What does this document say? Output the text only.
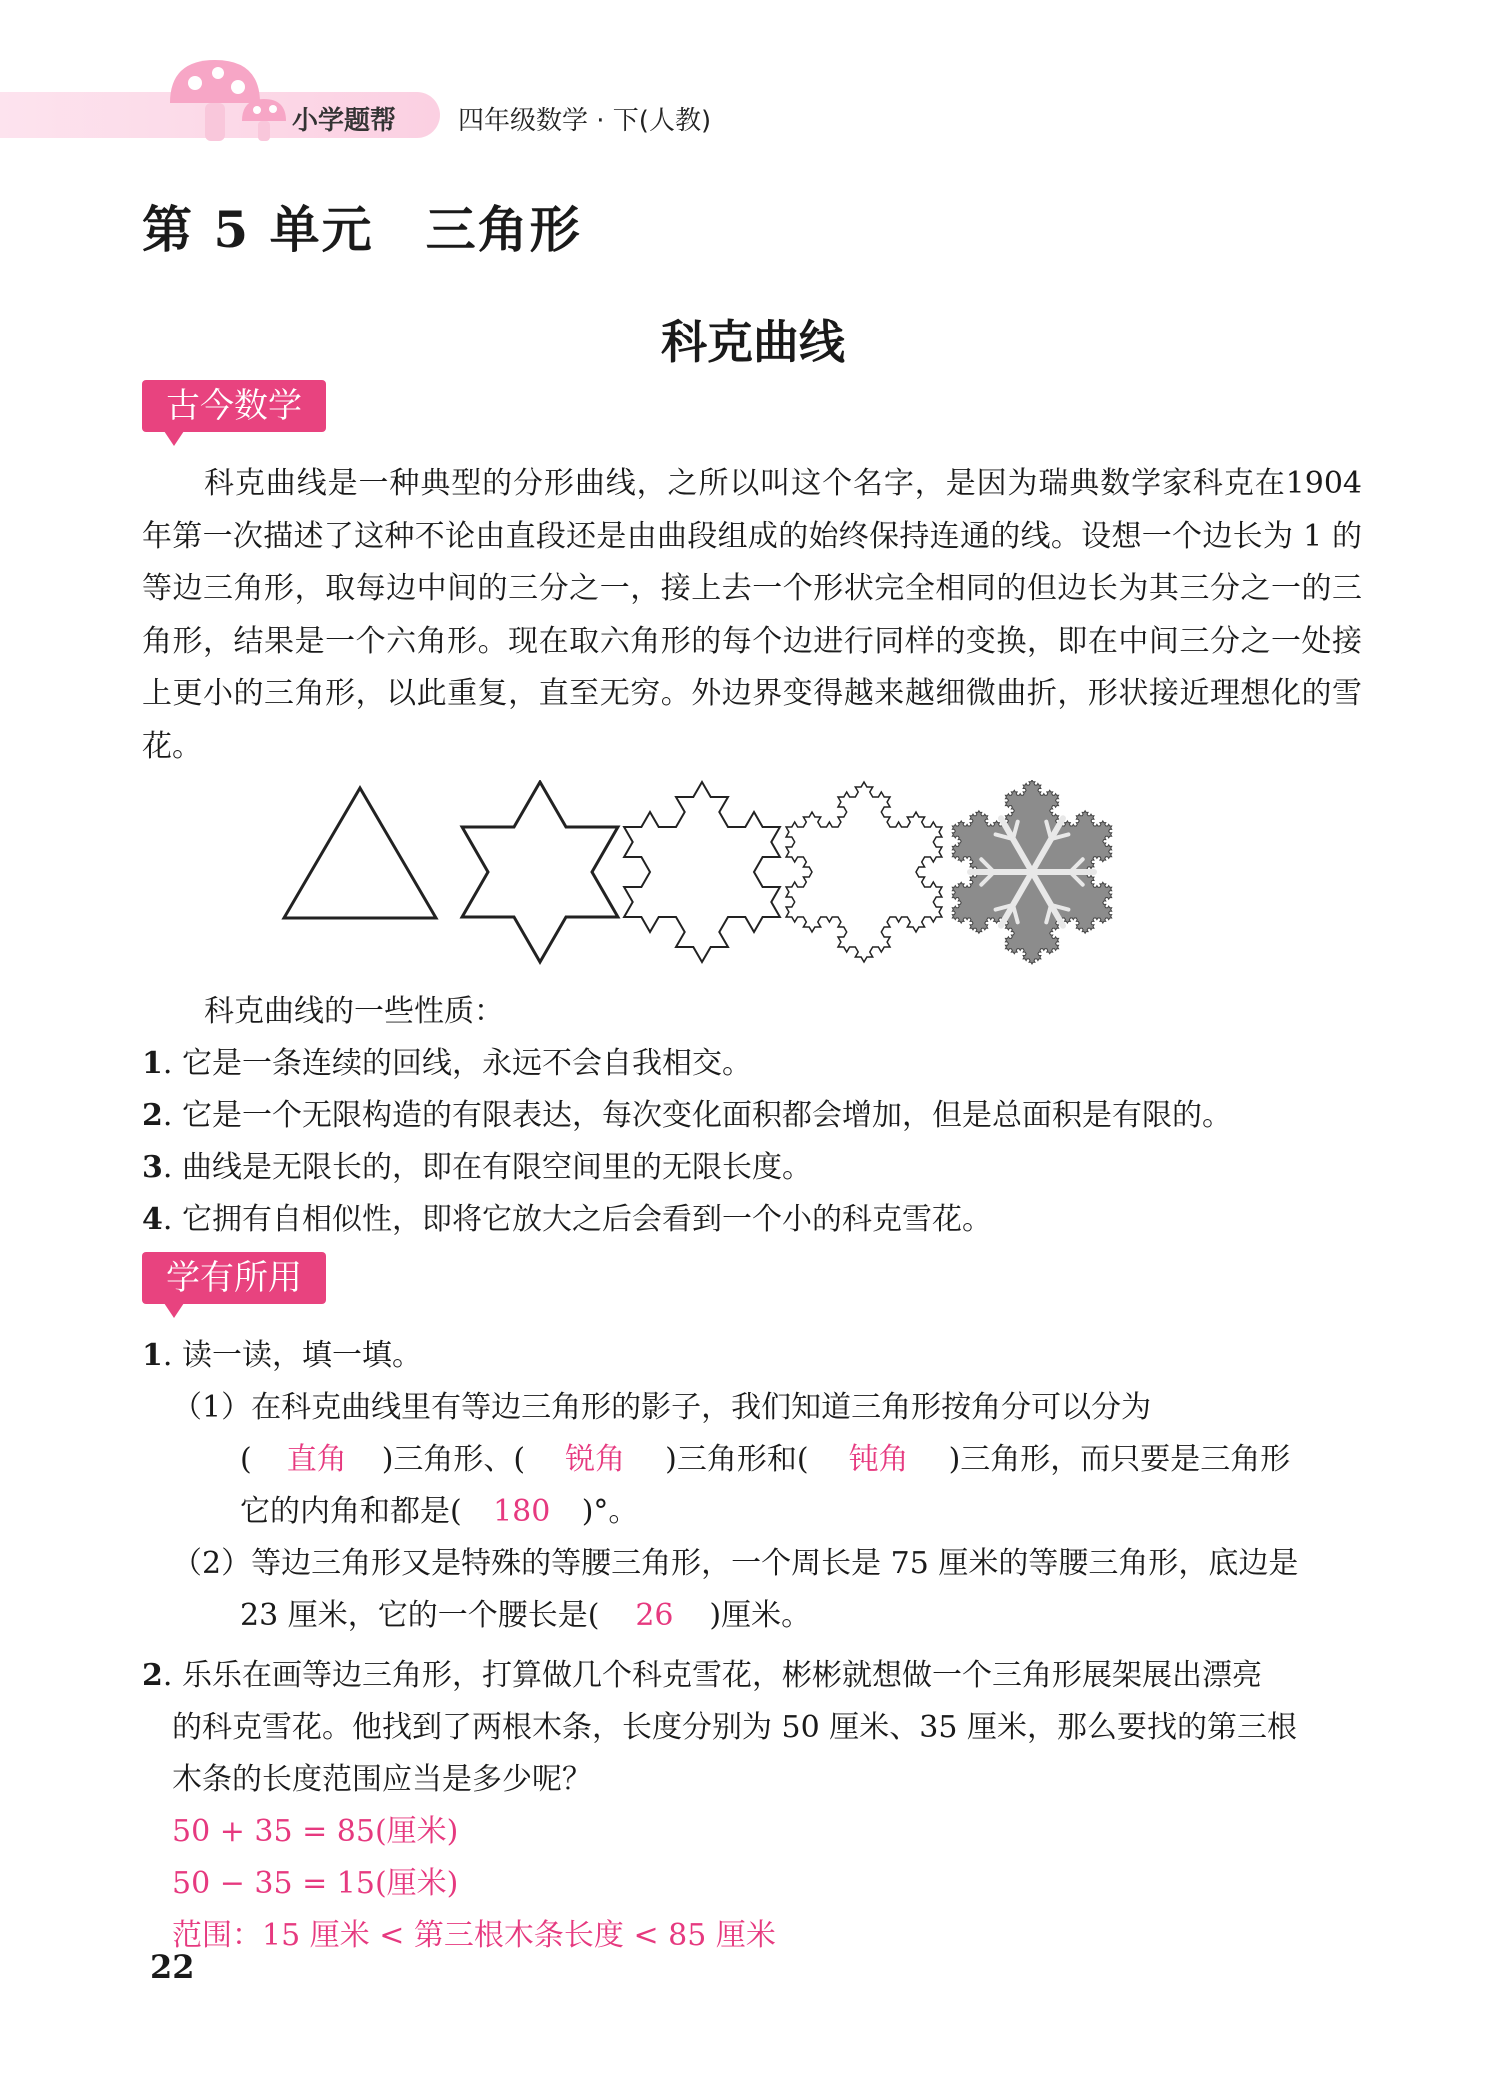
小学题帮 四年级数学 · 下(人教)
第 5 单元　三角形
科克曲线
古今数学
科克曲线是一种典型的分形曲线，之所以叫这个名字，是因为瑞典数学家科克在1904 年第一次描述了这种不论由直段还是由曲段组成的始终保持连通的线。设想一个边长为 1 的等边三角形，取每边中间的三分之一，接上去一个形状完全相同的但边长为其三分之一的三角形，结果是一个六角形。现在取六角形的每个边进行同样的变换，即在中间三分之一处接上更小的三角形，以此重复，直至无穷。外边界变得越来越细微曲折，形状接近理想化的雪花。
科克曲线的一些性质：
1. 它是一条连续的回线，永远不会自我相交。
2. 它是一个无限构造的有限表达，每次变化面积都会增加，但是总面积是有限的。
3. 曲线是无限长的，即在有限空间里的无限长度。
4. 它拥有自相似性，即将它放大之后会看到一个小的科克雪花。
学有所用
1. 读一读，填一填。
（1）在科克曲线里有等边三角形的影子，我们知道三角形按角分可以分为
( 直角 )三角形、( 锐角 )三角形和( 钝角 )三角形，而只要是三角形
它的内角和都是( 180 )°。
（2）等边三角形又是特殊的等腰三角形，一个周长是 75 厘米的等腰三角形，底边是
23 厘米，它的一个腰长是( 26 )厘米。
2. 乐乐在画等边三角形，打算做几个科克雪花，彬彬就想做一个三角形展架展出漂亮
的科克雪花。他找到了两根木条，长度分别为 50 厘米、35 厘米，那么要找的第三根
木条的长度范围应当是多少呢？
50 + 35 = 85(厘米)
50 − 35 = 15(厘米)
范围：15 厘米 < 第三根木条长度 < 85 厘米
22
